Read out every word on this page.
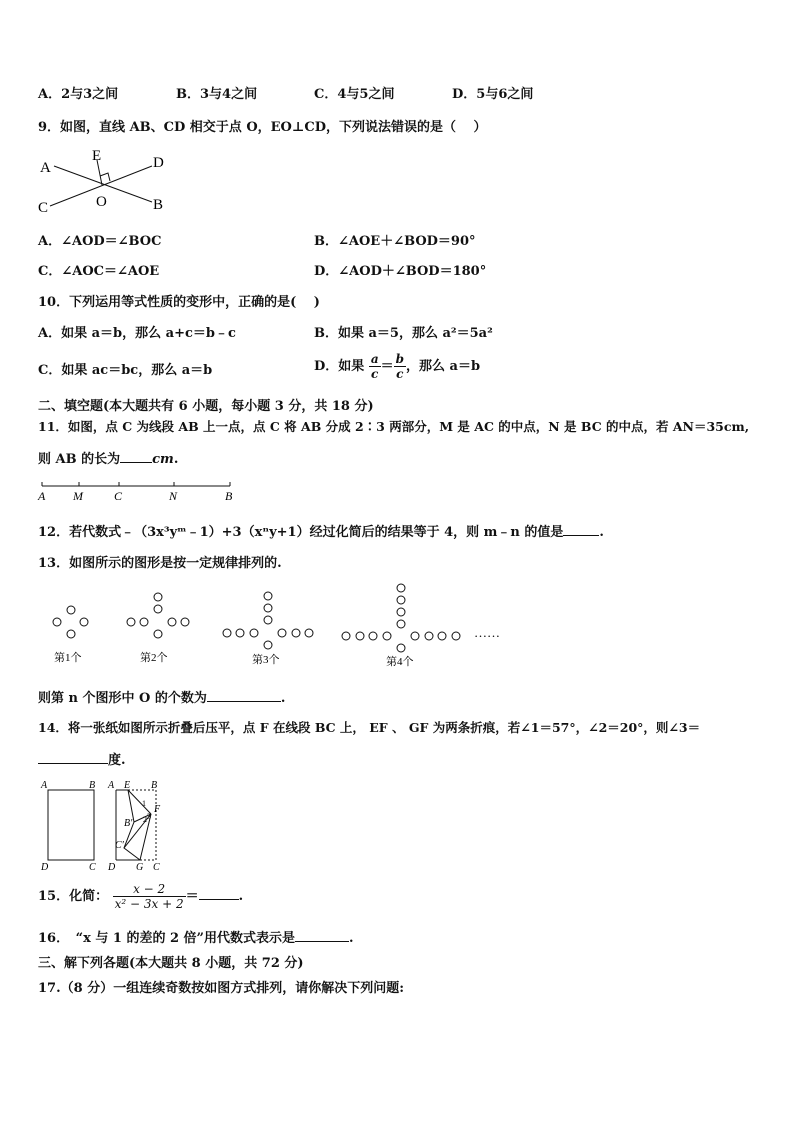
A．2与3之间	B．3与4之间	C．4与5之间	D．5与6之间
9．如图，直线 AB、CD 相交于点 O，EO⊥CD，下列说法错误的是（　 ）
A
E	D
C	O	B
A．∠AOD＝∠BOC	B．∠AOE＋∠BOD＝90°
C．∠AOC＝∠AOE	D．∠AOD＋∠BOD＝180°
10．下列运用等式性质的变形中，正确的是(　 )
A．如果 a＝b，那么 a+c＝b﹣c	B．如果 a＝5，那么 a²＝5a²
C．如果 ac＝bc，那么 a＝b	D．如果 $\frac{a}{c} = \frac{b}{c}$ ，那么 a＝b
二、填空题(本大题共有 6 小题，每小题 3 分，共 18 分)
11．如图，点 C 为线段 AB 上一点，点 C 将 AB 分成 2∶3 两部分，M 是 AC 的中点，N 是 BC 的中点，若 AN＝35cm,
则 AB 的长为 cm.
A M	C	N	B
12．若代数式﹣（3x³yᵐ﹣1）+3（xⁿy+1）经过化简后的结果等于 4，则 m﹣n 的值是	.
13．如图所示的图形是按一定规律排列的.
……
第1个	第2个	第3个	第4个
则第 n 个图形中 O 的个数为	.
14．将一张纸如图所示折叠后压平，点 F 在线段 BC 上， EF 、 GF 为两条折痕，若∠1＝57°，∠2＝20°，则∠3＝
度.
A	B
D	C
A E B
F
B′
C′
D G C
1
2 3
15．化简： $\frac{x - 2}{\text{x² − 3x + 2}}$ ＝	.
16．　“x 与 1 的差的 2 倍”用代数式表示是	.
三、解下列各题(本大题共 8 小题，共 72 分)
17.（8 分）一组连续奇数按如图方式排列，请你解决下列问题:
